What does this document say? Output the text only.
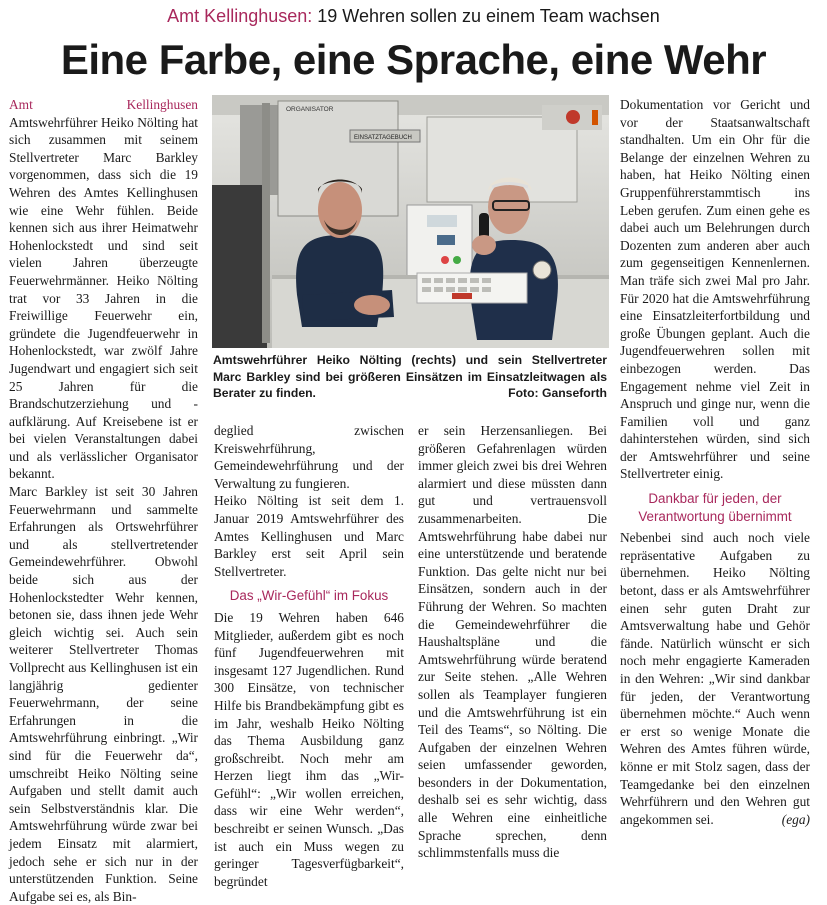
Amt Kellinghusen: 19 Wehren sollen zu einem Team wachsen
Eine Farbe, eine Sprache, eine Wehr

Amt Kellinghusen Amtswehrführer Heiko Nölting hat sich zusammen mit seinem Stellvertreter Marc Barkley vorgenommen, dass sich die 19 Wehren des Amtes Kellinghusen wie eine Wehr fühlen. Beide kennen sich aus ihrer Heimatwehr Hohenlockstedt und sind seit vielen Jahren überzeugte Feuerwehrmänner. Heiko Nölting trat vor 33 Jahren in die Freiwillige Feuerwehr ein, gründete die Jugendfeuerwehr in Hohenlockstedt, war zwölf Jahre Jugendwart und engagiert sich seit 25 Jahren für die Brandschutzerziehung und -aufklärung. Auf Kreisebene ist er bei vielen Veranstaltungen dabei und als verlässlicher Organisator bekannt.

Marc Barkley ist seit 30 Jahren Feuerwehrmann und sammelte Erfahrungen als Ortswehrführer und als stellvertretender Gemeindewehrführer. Obwohl beide sich aus der Hohenlockstedter Wehr kennen, betonen sie, dass ihnen jede Wehr gleich wichtig sei. Auch sein weiterer Stellvertreter Thomas Vollprecht aus Kellinghusen ist ein langjährig gedienter Feuerwehrmann, der seine Erfahrungen in die Amtswehrführung einbringt. „Wir sind für die Feuerwehr da“, umschreibt Heiko Nölting seine Aufgaben und stellt damit auch sein Selbstverständnis klar. Die Amtswehrführung würde zwar bei jedem Einsatz mit alarmiert, jedoch sehe er sich nur in der unterstützenden Funktion. Seine Aufgabe sei es, als Bin-

ORGANISATOR
EINSATZTAGEBUCH
Amtswehrführer Heiko Nölting (rechts) und sein Stellvertreter
Marc Barkley sind bei größeren Einsätzen im Einsatzleitwagen als
Berater zu finden.	Foto: Ganseforth

deglied zwischen Kreiswehrführung, Gemeindewehrführung und der Verwaltung zu fungieren.

Heiko Nölting ist seit dem 1. Januar 2019 Amtswehrführer des Amtes Kellinghusen und Marc Barkley erst seit April sein Stellvertreter.

Das „Wir-Gefühl“ im Fokus

Die 19 Wehren haben 646 Mitglieder, außerdem gibt es noch fünf Jugendfeuerwehren mit insgesamt 127 Jugendlichen. Rund 300 Einsätze, von technischer Hilfe bis Brandbekämpfung gibt es im Jahr, weshalb Heiko Nölting das Thema Ausbildung ganz großschreibt. Noch mehr am Herzen liegt ihm das „Wir-Gefühl“: „Wir wollen erreichen, dass wir eine Wehr werden“, beschreibt er seinen Wunsch. „Das ist auch ein Muss wegen zu geringer Tagesverfügbarkeit“, begründet

er sein Herzensanliegen. Bei größeren Gefahrenlagen würden immer gleich zwei bis drei Wehren alarmiert und diese müssten dann gut und vertrauensvoll zusammenarbeiten. Die Amtswehrführung habe dabei nur eine unterstützende und beratende Funktion. Das gelte nicht nur bei Einsätzen, sondern auch in der Führung der Wehren. So machten die Gemeindewehrführer die Haushaltspläne und die Amtswehrführung würde beratend zur Seite stehen. „Alle Wehren sollen als Teamplayer fungieren und die Amtswehrführung ist ein Teil des Teams“, so Nölting. Die Aufgaben der einzelnen Wehren seien umfassender geworden, besonders in der Dokumentation, deshalb sei es sehr wichtig, dass alle Wehren eine einheitliche Sprache sprechen, denn schlimmstenfalls muss die

Dokumentation vor Gericht und vor der Staatsanwaltschaft standhalten. Um ein Ohr für die Belange der einzelnen Wehren zu haben, hat Heiko Nölting einen Gruppenführerstammtisch ins Leben gerufen. Zum einen gehe es dabei auch um Belehrungen durch Dozenten zum anderen aber auch zum gegenseitigen Kennenlernen. Man träfe sich zwei Mal pro Jahr. Für 2020 hat die Amtswehrführung eine Einsatzleiterfortbildung und große Übungen geplant. Auch die Jugendfeuerwehren sollen mit einbezogen werden. Das Engagement nehme viel Zeit in Anspruch und ginge nur, wenn die Familien voll und ganz dahinterstehen würden, sind sich der Amtswehrführer und seine Stellvertreter einig.

Dankbar für jeden, der Verantwortung übernimmt

Nebenbei sind auch noch viele repräsentative Aufgaben zu übernehmen. Heiko Nölting betont, dass er als Amtswehrführer einen sehr guten Draht zur Amtsverwaltung habe und Gehör fände. Natürlich wünscht er sich noch mehr engagierte Kameraden in den Wehren: „Wir sind dankbar für jeden, der Verantwortung übernehmen möchte.“ Auch wenn er erst so wenige Monate die Wehren des Amtes führen würde, könne er mit Stolz sagen, dass der Teamgedanke bei den einzelnen Wehrführern und den Wehren gut angekommen sei.	(ega)
